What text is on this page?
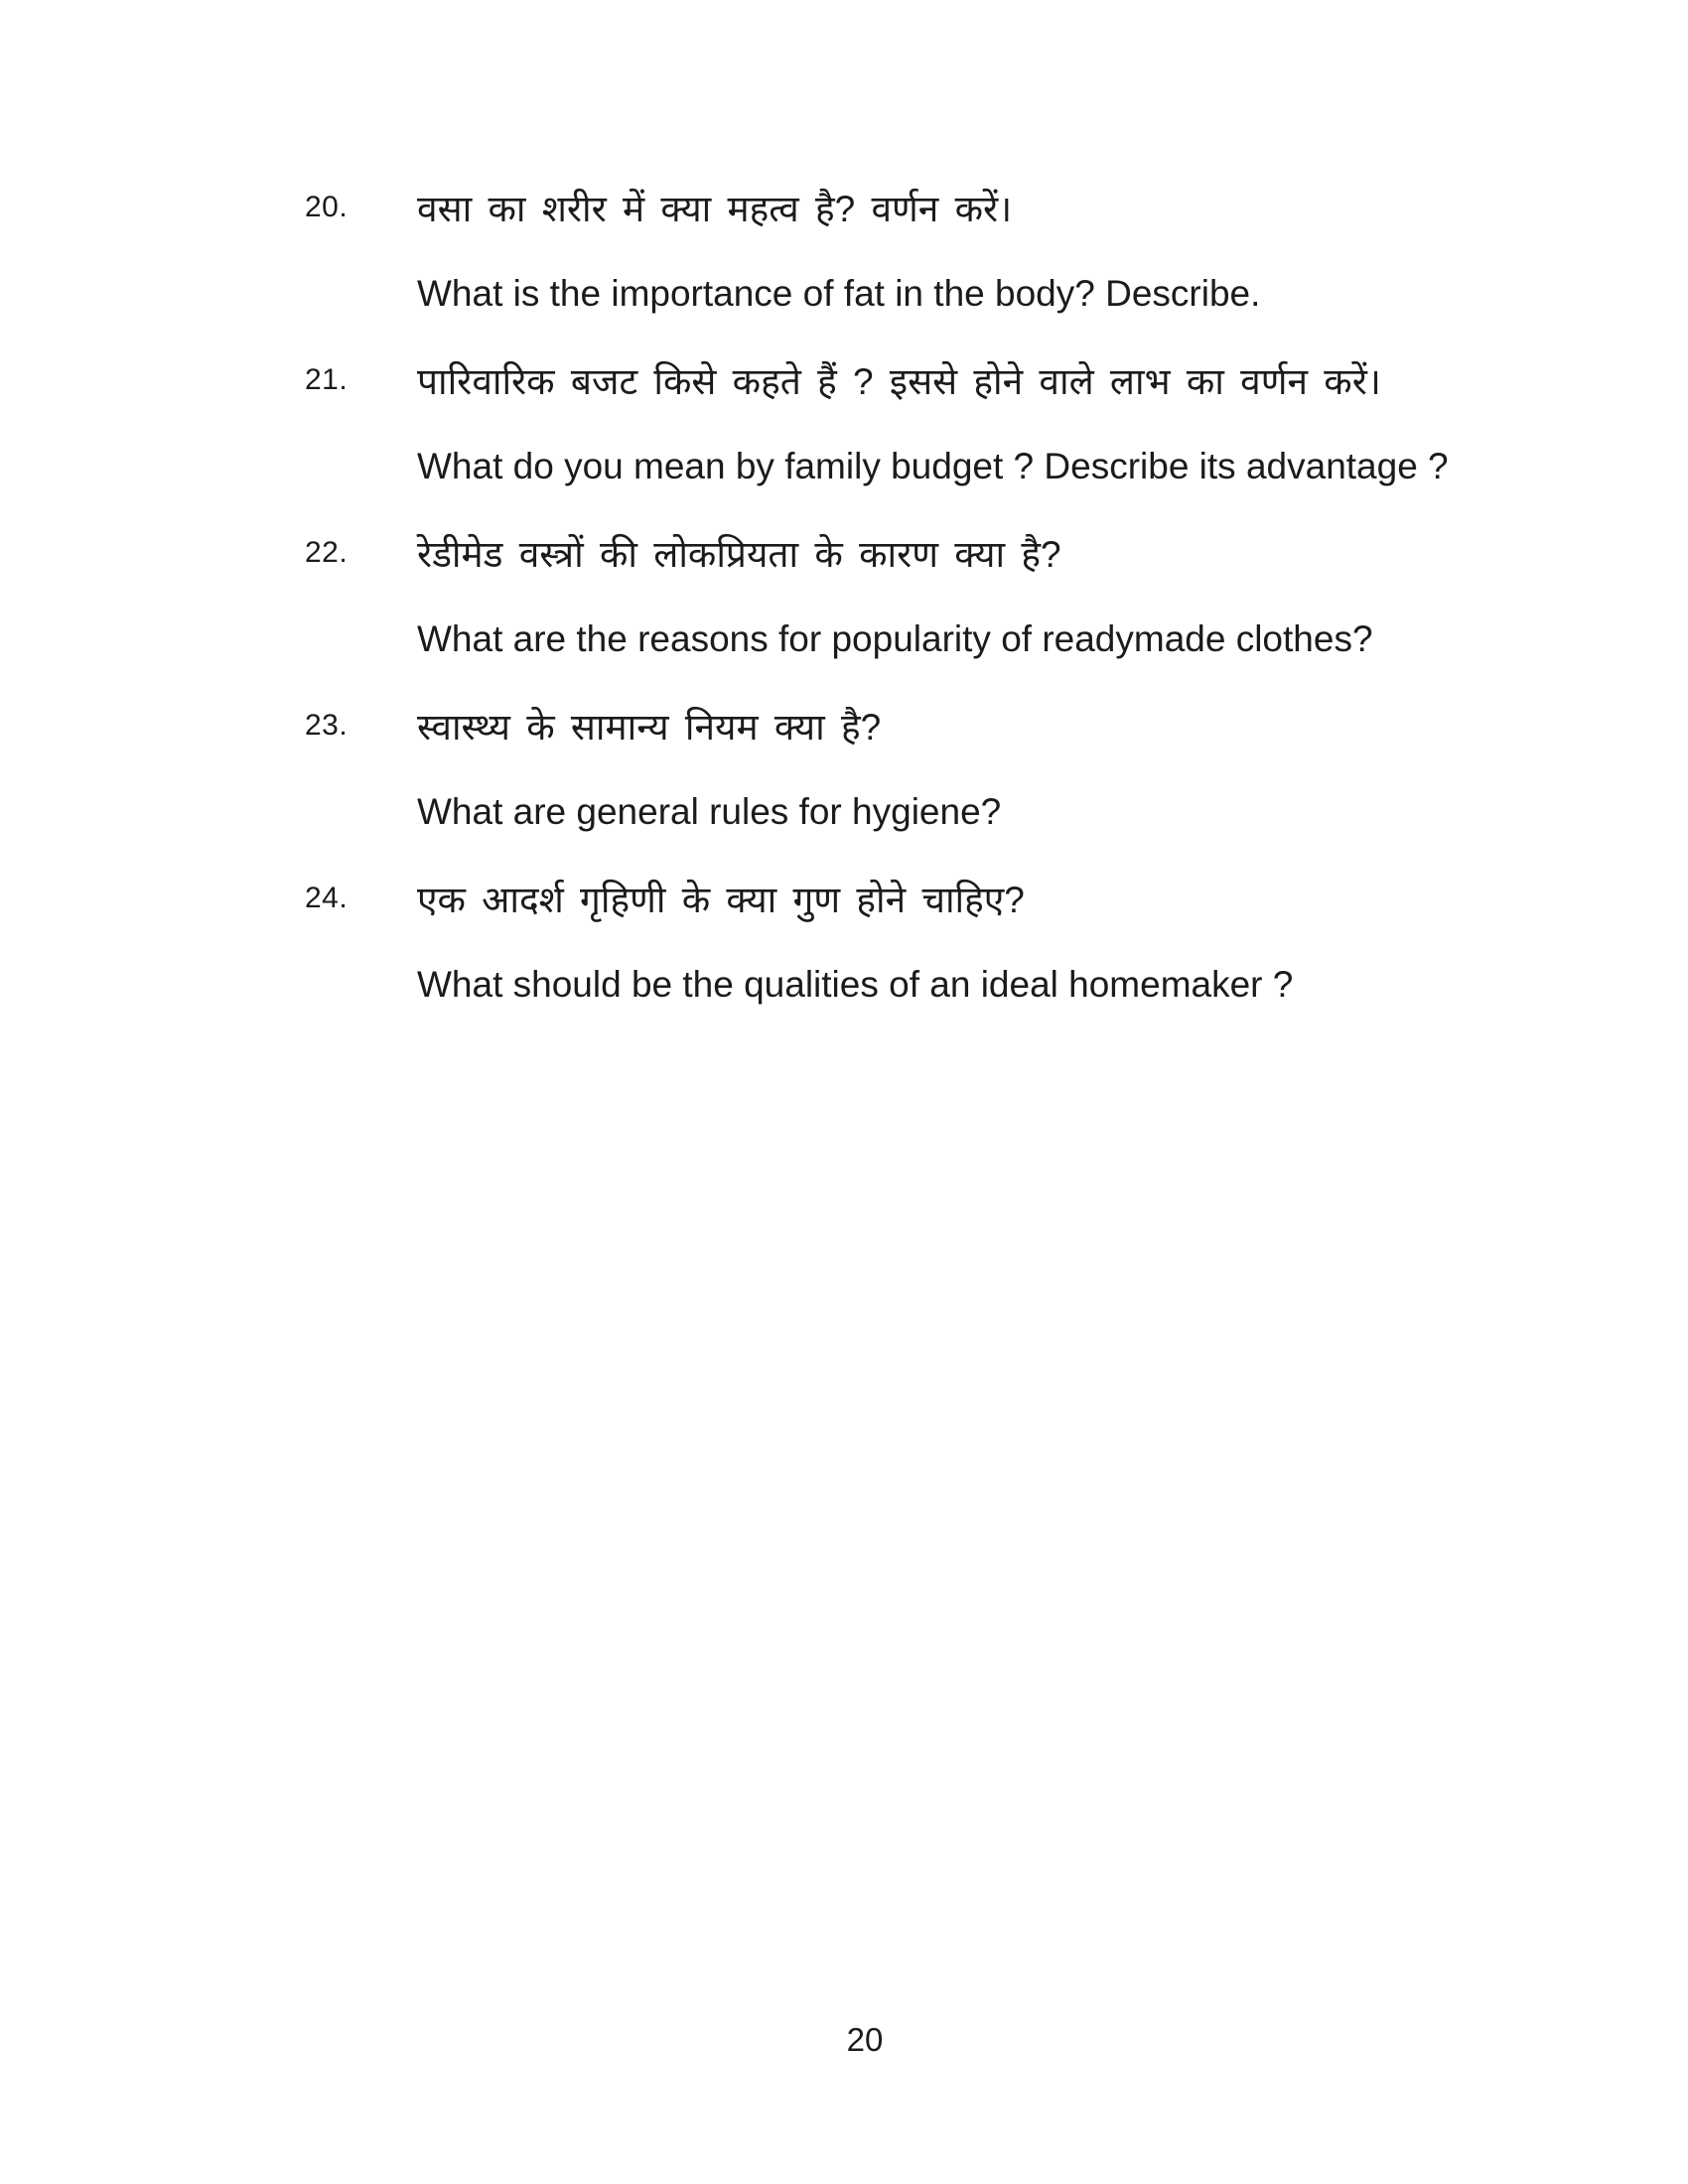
20.	वसा का शरीर में क्या महत्व है? वर्णन करें।
What is the importance of fat in the body? Describe.
21.	पारिवारिक बजट किसे कहते हैं ? इससे होने वाले लाभ का वर्णन करें।
What do you mean by family budget ? Describe its advantage ?
22.	रेडीमेड वस्त्रों की लोकप्रियता के कारण क्या है?
What are the reasons for popularity of readymade clothes?
23.	स्वास्थ्य के सामान्य नियम क्या है?
What are general rules for hygiene?
24.	एक आदर्श गृहिणी के क्या गुण होने चाहिए?
What should be the qualities of an ideal homemaker ?
20
